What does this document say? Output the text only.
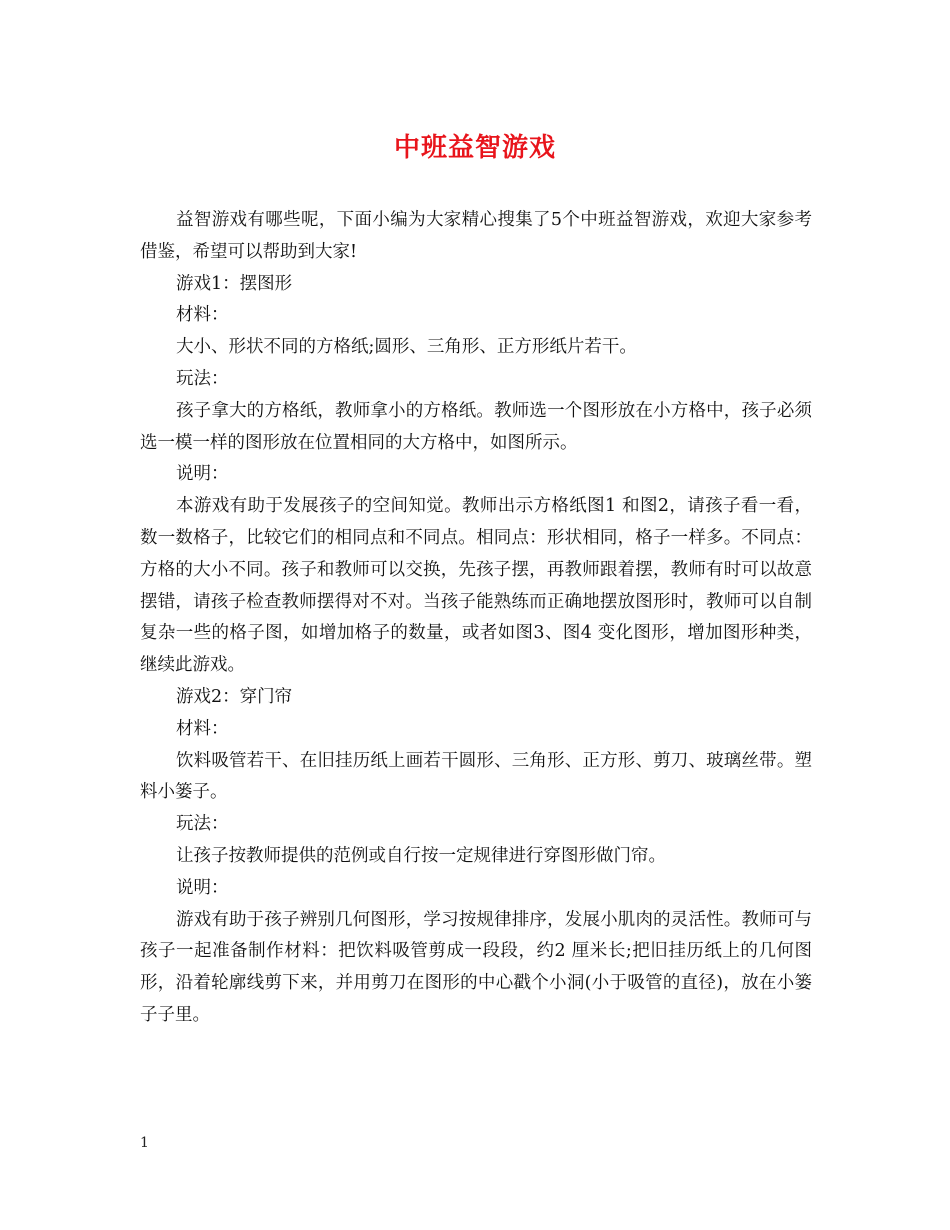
中班益智游戏

益智游戏有哪些呢，下面小编为大家精心搜集了5个中班益智游戏，欢迎大家参考借鉴，希望可以帮助到大家!

游戏1：摆图形

材料：

大小、形状不同的方格纸;圆形、三角形、正方形纸片若干。

玩法：

孩子拿大的方格纸，教师拿小的方格纸。教师选一个图形放在小方格中，孩子必须选一模一样的图形放在位置相同的大方格中，如图所示。

说明：

本游戏有助于发展孩子的空间知觉。教师出示方格纸图1 和图2，请孩子看一看，数一数格子，比较它们的相同点和不同点。相同点：形状相同，格子一样多。不同点：方格的大小不同。孩子和教师可以交换，先孩子摆，再教师跟着摆，教师有时可以故意摆错，请孩子检查教师摆得对不对。当孩子能熟练而正确地摆放图形时，教师可以自制复杂一些的格子图，如增加格子的数量，或者如图3、图4 变化图形，增加图形种类，继续此游戏。

游戏2：穿门帘

材料：

饮料吸管若干、在旧挂历纸上画若干圆形、三角形、正方形、剪刀、玻璃丝带。塑料小篓子。

玩法：

让孩子按教师提供的范例或自行按一定规律进行穿图形做门帘。

说明：

游戏有助于孩子辨别几何图形，学习按规律排序，发展小肌肉的灵活性。教师可与孩子一起准备制作材料：把饮料吸管剪成一段段，约2 厘米长;把旧挂历纸上的几何图形，沿着轮廓线剪下来，并用剪刀在图形的中心戳个小洞(小于吸管的直径)，放在小篓子子里。

1
